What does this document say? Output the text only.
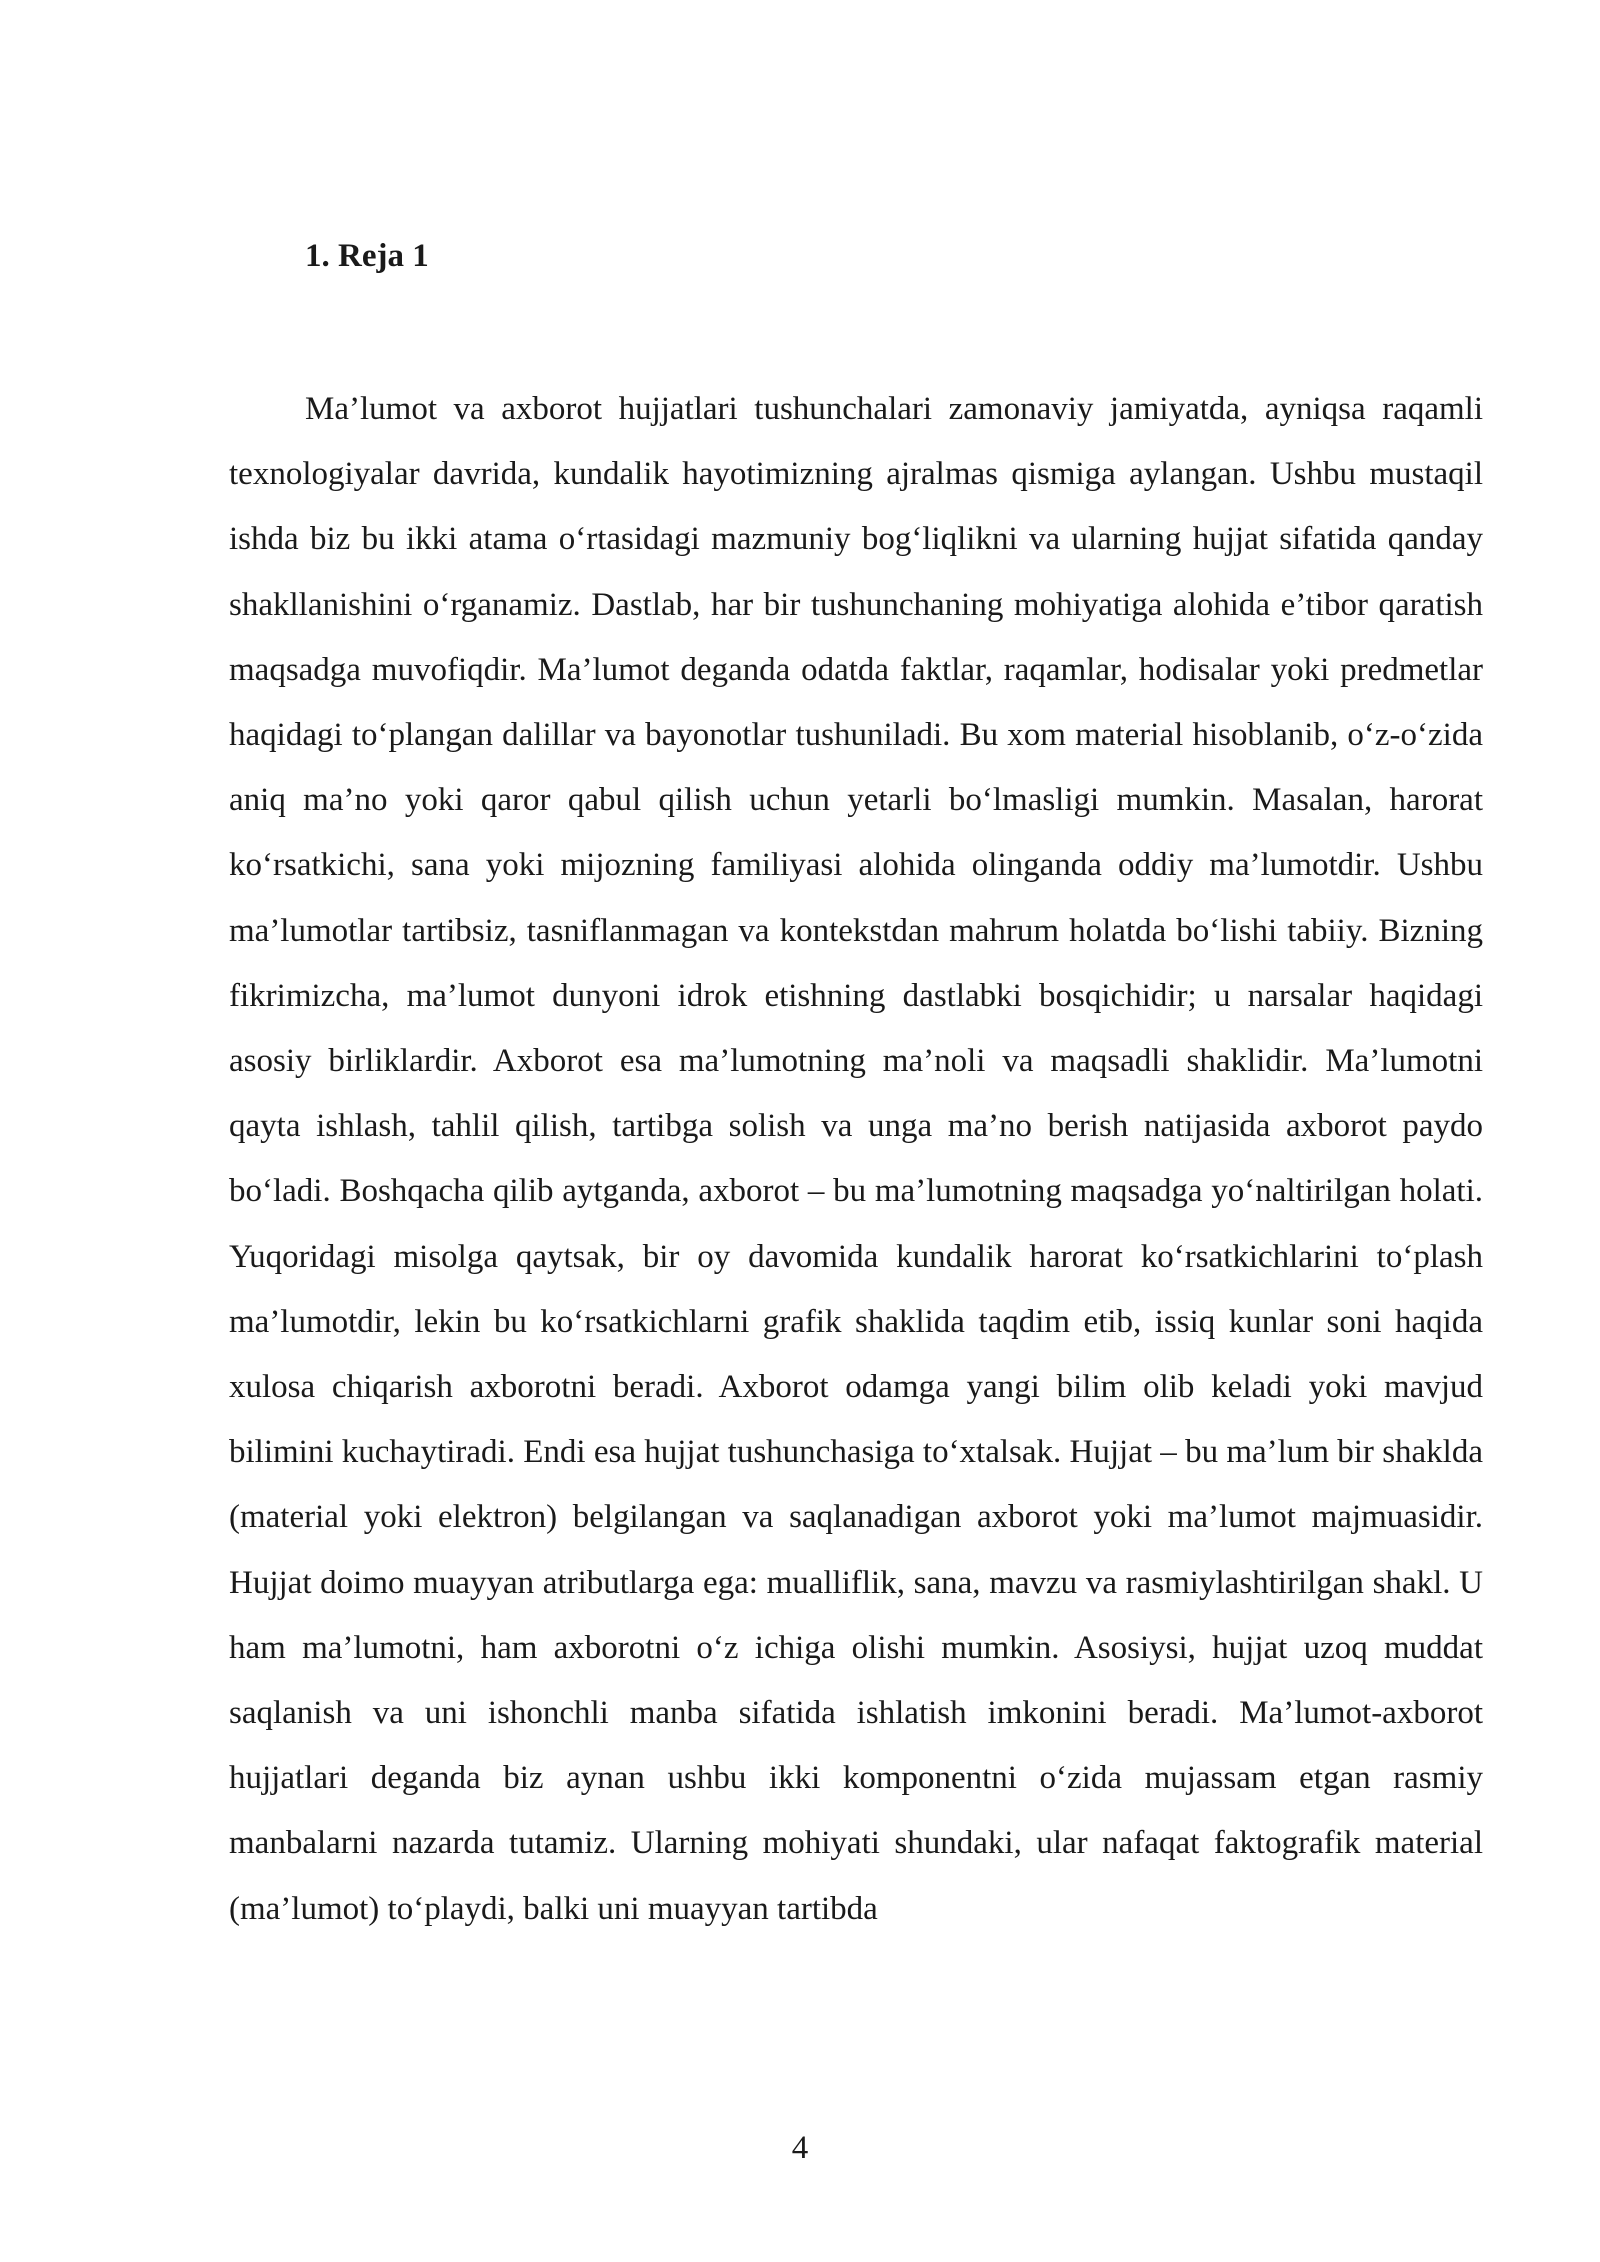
1. Reja 1

Ma’lumot va axborot hujjatlari tushunchalari zamonaviy jamiyatda, ayniqsa raqamli texnologiyalar davrida, kundalik hayotimizning ajralmas qismiga aylangan. Ushbu mustaqil ishda biz bu ikki atama o‘rtasidagi mazmuniy bog‘liqlikni va ularning hujjat sifatida qanday shakllanishini o‘rganamiz. Dastlab, har bir tushunchaning mohiyatiga alohida e’tibor qaratish maqsadga muvofiqdir. Ma’lumot deganda odatda faktlar, raqamlar, hodisalar yoki predmetlar haqidagi to‘plangan dalillar va bayonotlar tushuniladi. Bu xom material hisoblanib, o‘z-o‘zida aniq ma’no yoki qaror qabul qilish uchun yetarli bo‘lmasligi mumkin. Masalan, harorat ko‘rsatkichi, sana yoki mijozning familiyasi alohida olinganda oddiy ma’lumotdir. Ushbu ma’lumotlar tartibsiz, tasniflanmagan va kontekstdan mahrum holatda bo‘lishi tabiiy. Bizning fikrimizcha, ma’lumot dunyoni idrok etishning dastlabki bosqichidir; u narsalar haqidagi asosiy birliklardir. Axborot esa ma’lumotning ma’noli va maqsadli shaklidir. Ma’lumotni qayta ishlash, tahlil qilish, tartibga solish va unga ma’no berish natijasida axborot paydo bo‘ladi. Boshqacha qilib aytganda, axborot – bu ma’lumotning maqsadga yo‘naltirilgan holati. Yuqoridagi misolga qaytsak, bir oy davomida kundalik harorat ko‘rsatkichlarini to‘plash ma’lumotdir, lekin bu ko‘rsatkichlarni grafik shaklida taqdim etib, issiq kunlar soni haqida xulosa chiqarish axborotni beradi. Axborot odamga yangi bilim olib keladi yoki mavjud bilimini kuchaytiradi. Endi esa hujjat tushunchasiga to‘xtalsak. Hujjat – bu ma’lum bir shaklda (material yoki elektron) belgilangan va saqlanadigan axborot yoki ma’lumot majmuasidir. Hujjat doimo muayyan atributlarga ega: mualliflik, sana, mavzu va rasmiylashtirilgan shakl. U ham ma’lumotni, ham axborotni o‘z ichiga olishi mumkin. Asosiysi, hujjat uzoq muddat saqlanish va uni ishonchli manba sifatida ishlatish imkonini beradi. Ma’lumot-axborot hujjatlari deganda biz aynan ushbu ikki komponentni o‘zida mujassam etgan rasmiy manbalarni nazarda tutamiz. Ularning mohiyati shundaki, ular nafaqat faktografik material (ma’lumot) to‘playdi, balki uni muayyan tartibda

4
